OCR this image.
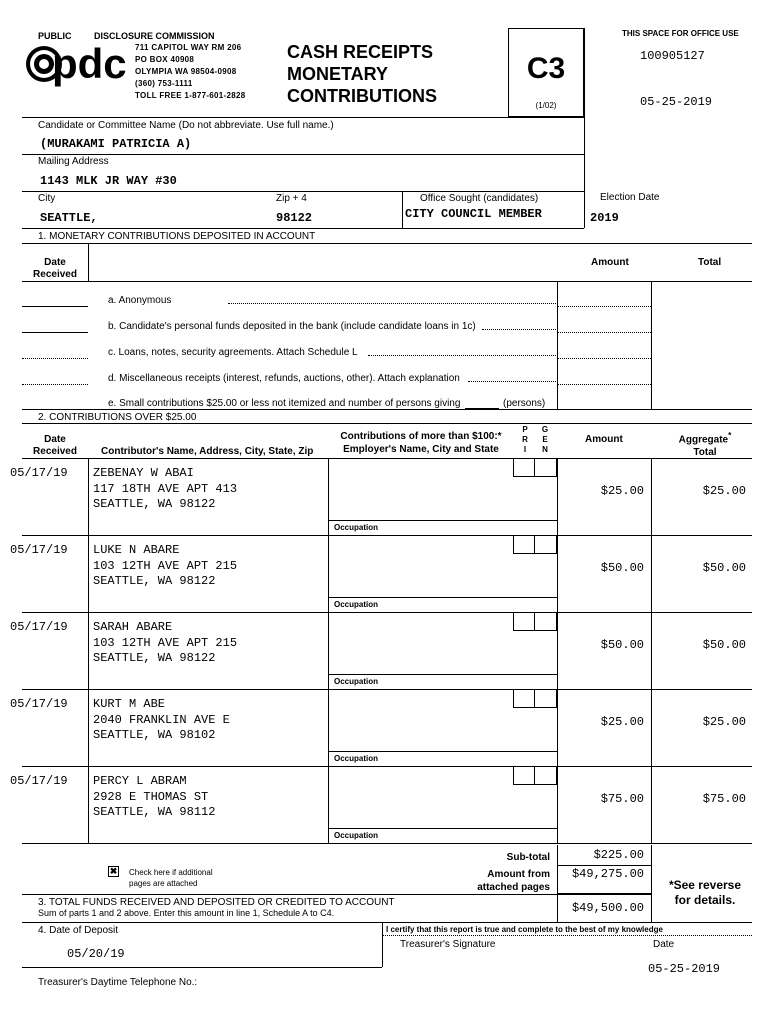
PUBLIC	DISCLOSURE COMMISSION
pdc 711 CAPITOL WAY RM 206
PO BOX 40908
OLYMPIA WA 98504-0908
(360) 753-1111
TOLL FREE 1-877-601-2828
CASH RECEIPTS
MONETARY
CONTRIBUTIONS
C3
(1/02)
THIS SPACE FOR OFFICE USE
100905127
05-25-2019
Candidate or Committee Name (Do not abbreviate. Use full name.)
(MURAKAMI PATRICIA A)
Mailing Address
1143 MLK JR WAY #30
City
SEATTLE,
Zip + 4
98122
Office Sought (candidates)
CITY COUNCIL MEMBER
Election Date
2019
1. MONETARY CONTRIBUTIONS DEPOSITED IN ACCOUNT
Date
Received
Amount	Total
a. Anonymous
b. Candidate's personal funds deposited in the bank (include candidate loans in 1c)
c. Loans, notes, security agreements. Attach Schedule L
d. Miscellaneous receipts (interest, refunds, auctions, other). Attach explanation
e. Small contributions $25.00 or less not itemized and number of persons giving	(persons)
2. CONTRIBUTIONS OVER $25.00
Date
Received	Contributor's Name, Address, City, State, Zip
Contributions of more than $100:*
Employer's Name, City and State
P
R
I
G
E
N
Amount	Aggregate*
Total
05/17/19 ZEBENAY W ABAI
117 18TH AVE APT 413
SEATTLE, WA 98122
$25.00	$25.00
Occupation
05/17/19 LUKE N ABARE
103 12TH AVE APT 215
SEATTLE, WA 98122
$50.00	$50.00
Occupation
05/17/19 SARAH ABARE
103 12TH AVE APT 215
SEATTLE, WA 98122
$50.00	$50.00
Occupation
05/17/19 KURT M ABE
2040 FRANKLIN AVE E
SEATTLE, WA 98102
$25.00	$25.00
Occupation
05/17/19 PERCY L ABRAM
2928 E THOMAS ST
SEATTLE, WA 98112
$75.00	$75.00
Occupation
✖ Check here if additional
pages are attached
Sub-total	$225.00
Amount from
attached pages
$49,275.00
*See reverse
for details.
3. TOTAL FUNDS RECEIVED AND DEPOSITED OR CREDITED TO ACCOUNT
Sum of parts 1 and 2 above. Enter this amount in line 1, Schedule A to C4.	$49,500.00
4. Date of Deposit
05/20/19
I certify that this report is true and complete to the best of my knowledge
Treasurer's Signature	Date
05-25-2019
Treasurer's Daytime Telephone No.:
